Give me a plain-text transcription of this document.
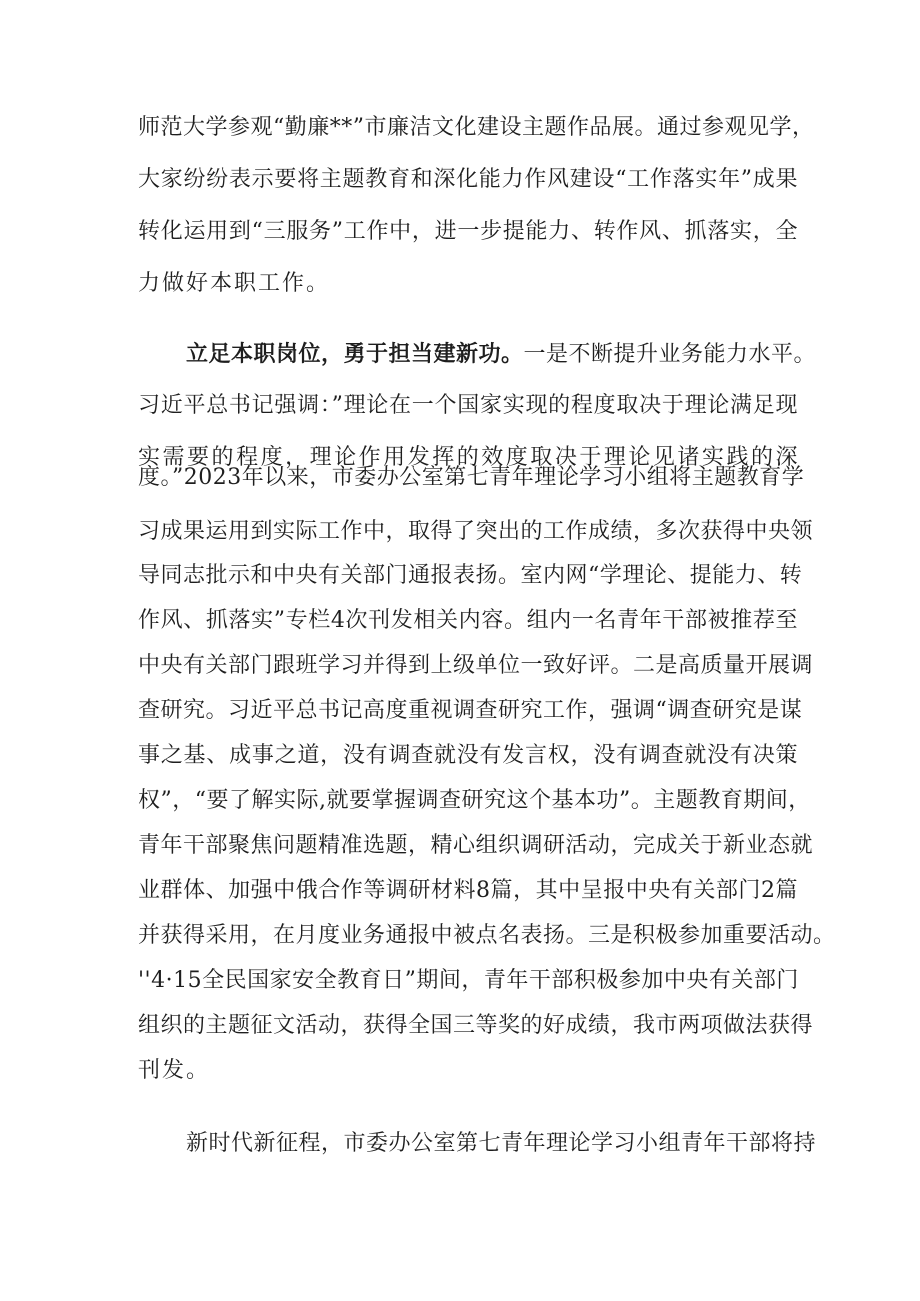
师范大学参观“勤廉**”市廉洁文化建设主题作品展。通过参观见学，
大家纷纷表示要将主题教育和深化能力作风建设“工作落实年”成果
转化运用到“三服务”工作中，进一步提能力、转作风、抓落实，全
力做好本职工作。
立足本职岗位，勇于担当建新功。一是不断提升业务能力水平。
习近平总书记强调：”理论在一个国家实现的程度取决于理论满足现
实需要的程度，理论作用发挥的效度取决于理论见诸实践的深
度。”2023年以来，市委办公室第七青年理论学习小组将主题教育学
习成果运用到实际工作中，取得了突出的工作成绩，多次获得中央领
导同志批示和中央有关部门通报表扬。室内网“学理论、提能力、转
作风、抓落实”专栏4次刊发相关内容。组内一名青年干部被推荐至
中央有关部门跟班学习并得到上级单位一致好评。二是高质量开展调
查研究。习近平总书记高度重视调查研究工作，强调“调查研究是谋
事之基、成事之道，没有调查就没有发言权，没有调查就没有决策
权”，“要了解实际,就要掌握调查研究这个基本功”。主题教育期间，
青年干部聚焦问题精准选题，精心组织调研活动，完成关于新业态就
业群体、加强中俄合作等调研材料8篇，其中呈报中央有关部门2篇
并获得采用，在月度业务通报中被点名表扬。三是积极参加重要活动。
''4·15全民国家安全教育日”期间，青年干部积极参加中央有关部门
组织的主题征文活动，获得全国三等奖的好成绩，我市两项做法获得
刊发。
新时代新征程，市委办公室第七青年理论学习小组青年干部将持
